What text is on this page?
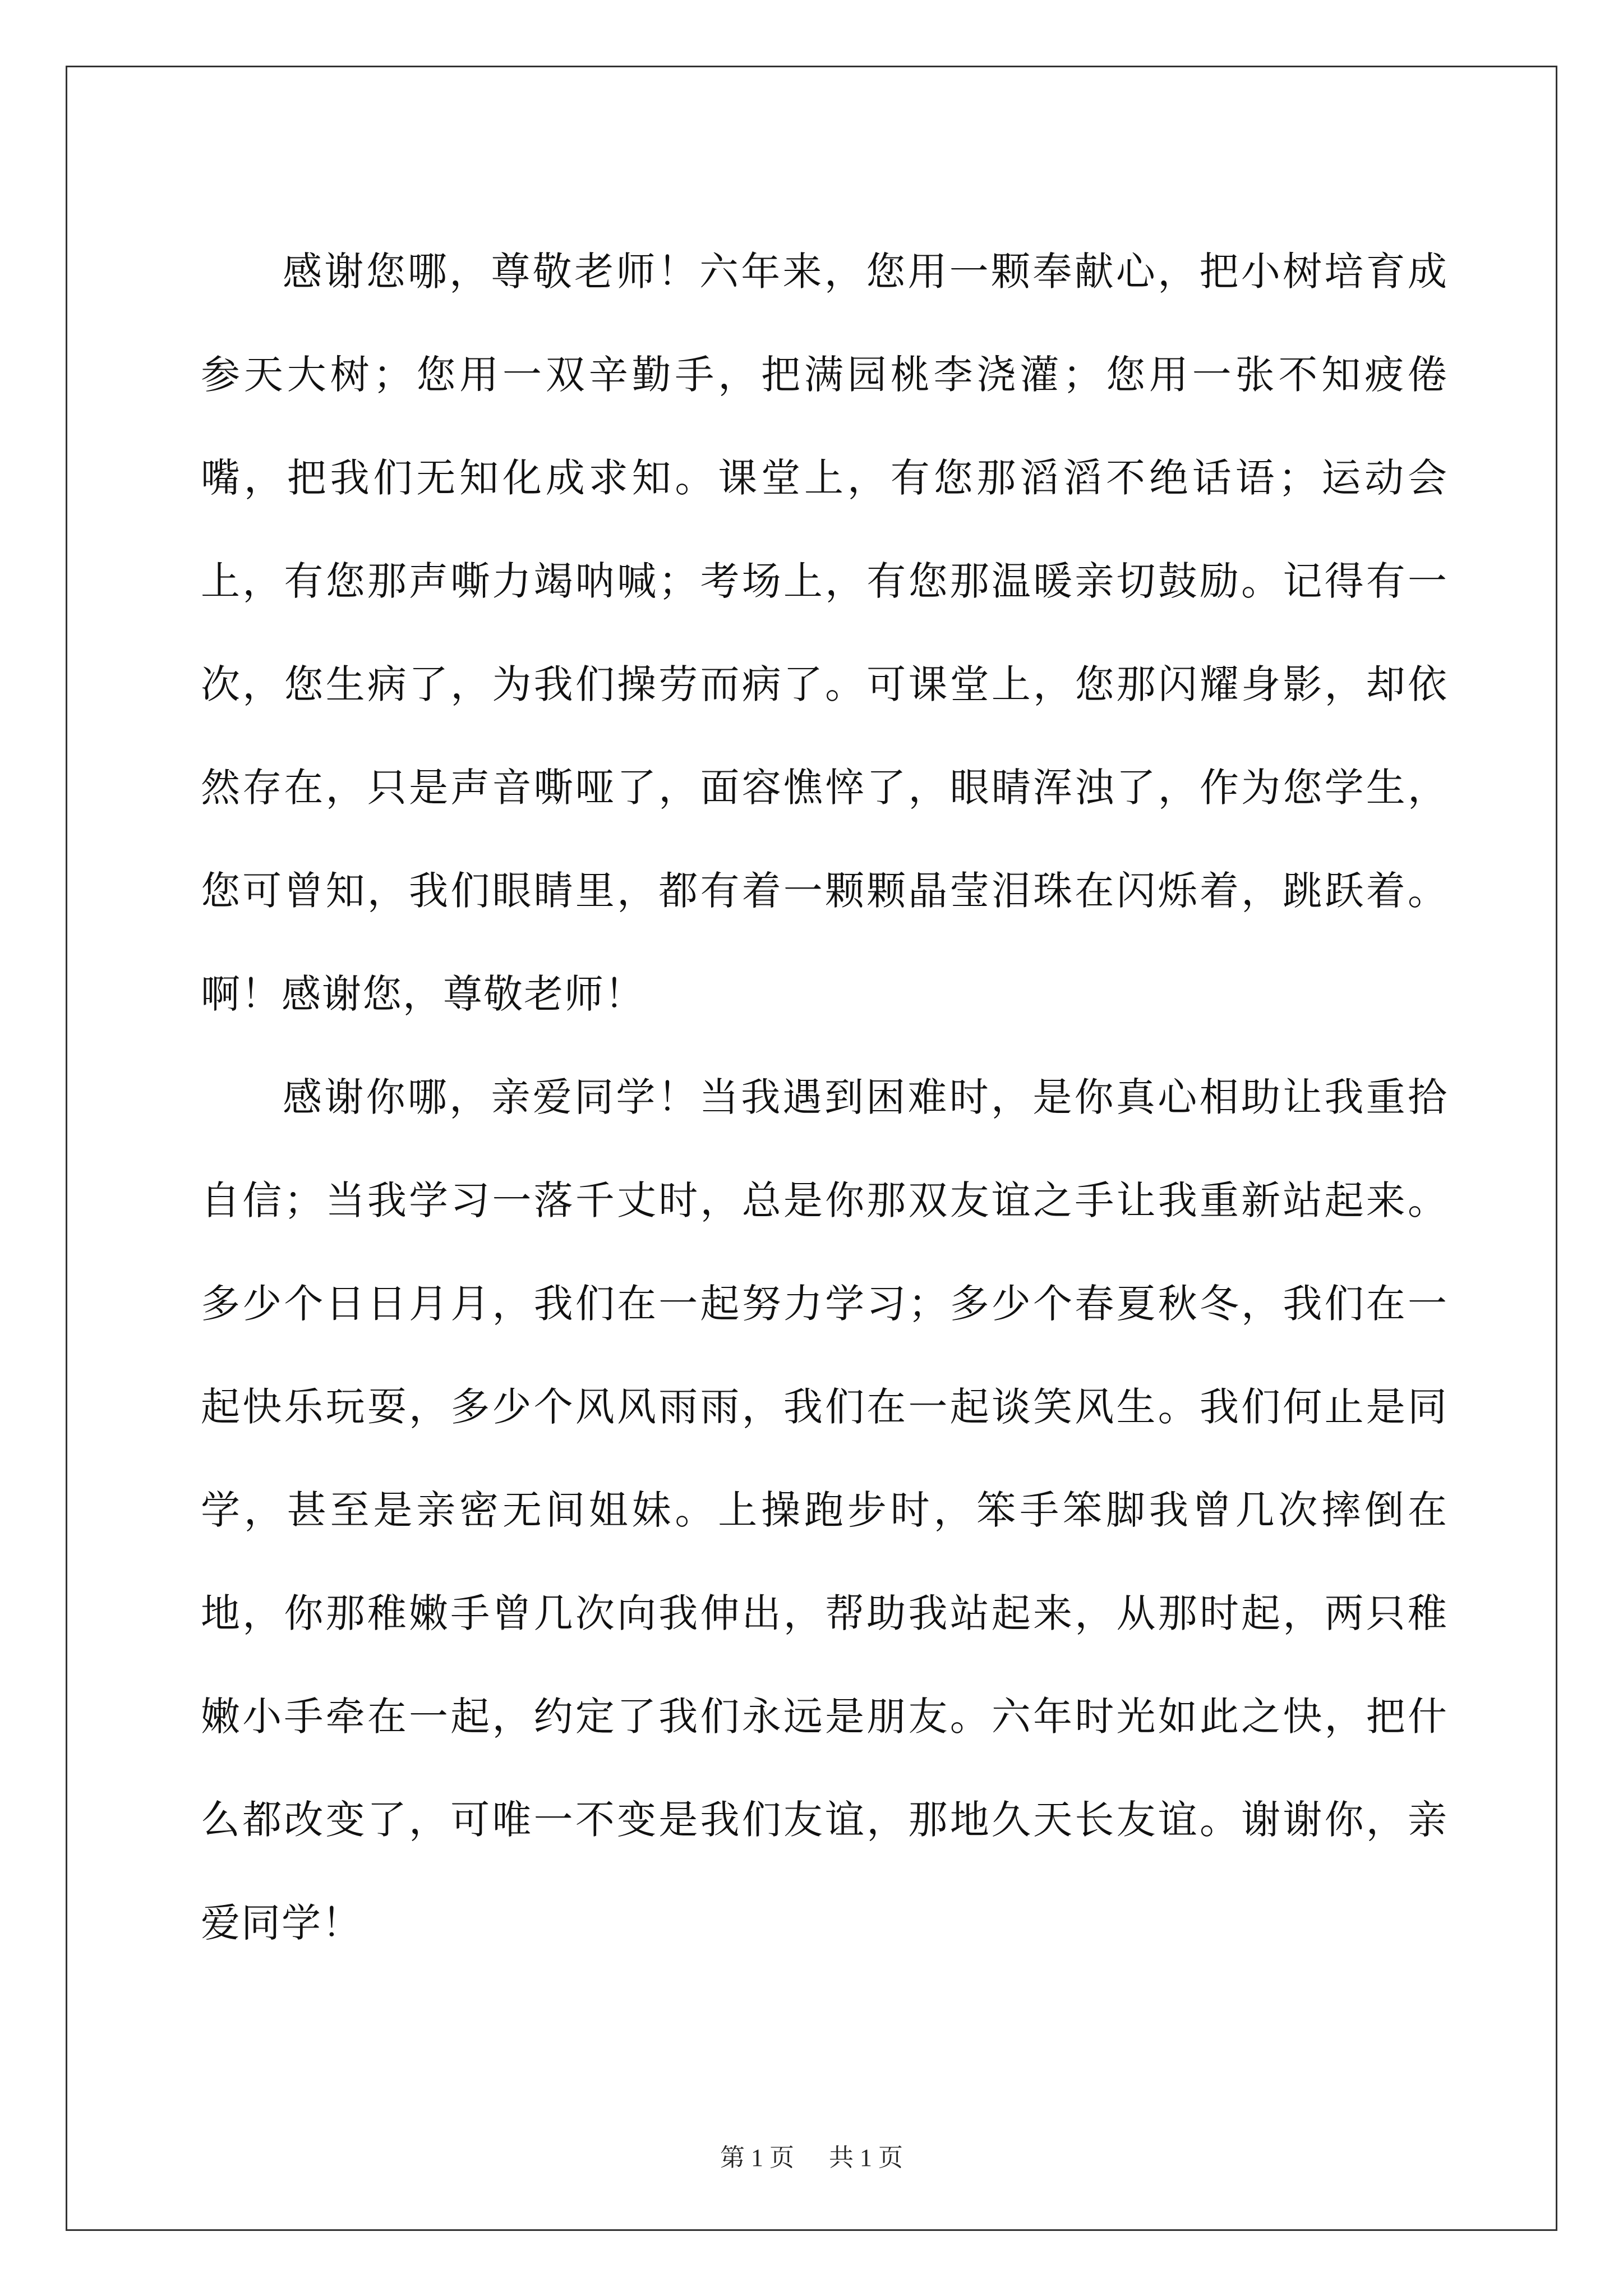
感谢您哪，尊敬老师！六年来，您用一颗奉献心，把小树培育成参天大树；您用一双辛勤手，把满园桃李浇灌；您用一张不知疲倦嘴，把我们无知化成求知。课堂上，有您那滔滔不绝话语；运动会上，有您那声嘶力竭呐喊；考场上，有您那温暖亲切鼓励。记得有一次，您生病了，为我们操劳而病了。可课堂上，您那闪耀身影，却依然存在，只是声音嘶哑了，面容憔悴了，眼睛浑浊了，作为您学生，您可曾知，我们眼睛里，都有着一颗颗晶莹泪珠在闪烁着，跳跃着。啊！感谢您，尊敬老师！

感谢你哪，亲爱同学！当我遇到困难时，是你真心相助让我重拾自信；当我学习一落千丈时，总是你那双友谊之手让我重新站起来。多少个日日月月，我们在一起努力学习；多少个春夏秋冬，我们在一起快乐玩耍，多少个风风雨雨，我们在一起谈笑风生。我们何止是同学，甚至是亲密无间姐妹。上操跑步时，笨手笨脚我曾几次摔倒在地，你那稚嫩手曾几次向我伸出，帮助我站起来，从那时起，两只稚嫩小手牵在一起，约定了我们永远是朋友。六年时光如此之快，把什么都改变了，可唯一不变是我们友谊，那地久天长友谊。谢谢你，亲爱同学！

第 1 页 共 1 页
